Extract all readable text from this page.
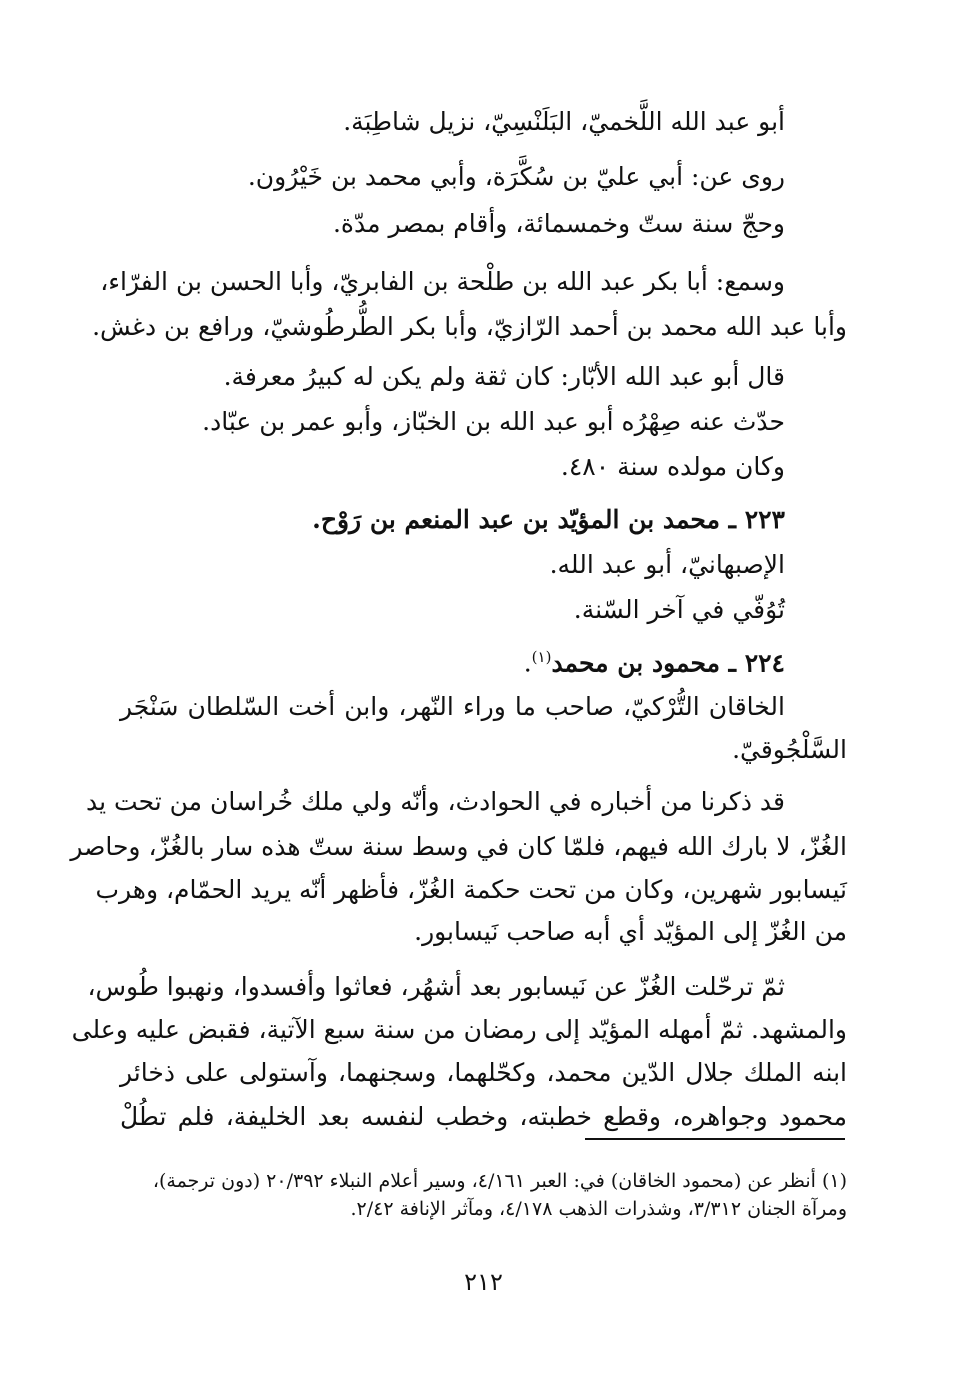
أبو عبد الله اللَّخميّ، البَلَنْسِيّ، نزيل شاطِبَة.
روى عن: أبي عليّ بن سُكَّرَة، وأبي محمد بن خَيْرُون.
وحجّ سنة ستّ وخمسمائة، وأقام بمصر مدّة.
وسمع: أبا بكر عبد الله بن طلْحة بن الفابريّ، وأبا الحسن بن الفرّاء،
وأبا عبد الله محمد بن أحمد الرّازيّ، وأبا بكر الطُّرطُوشيّ، ورافع بن دغش.
قال أبو عبد الله الأبّار: كان ثقة ولم يكن له كبيرُ معرفة.
حدّث عنه صِهْرُه أبو عبد الله بن الخبّاز، وأبو عمر بن عبّاد.
وكان مولده سنة ٤٨٠.
٢٢٣ ـ محمد بن المؤيّد بن عبد المنعم بن رَوْح.
الإصبهانيّ، أبو عبد الله.
تُوُفّي في آخر السّنة.
٢٢٤ ـ محمود بن محمد$^{(١)}$.
الخاقان التُّرْكيّ، صاحب ما وراء النّهر، وابن أخت السّلطان سَنْجَر
السَّلْجُوقيّ.
قد ذكرنا من أخباره في الحوادث، وأنّه ولي ملك خُراسان من تحت يد
الغُزّ، لا بارك الله فيهم، فلمّا كان في وسط سنة ستّ هذه سار بالغُزّ، وحاصر
نَيسابور شهرين، وكان من تحت حكمة الغُزّ، فأظهر أنّه يريد الحمّام، وهرب
من الغُزّ إلى المؤيّد أي أبه صاحب نَيسابور.
ثمّ ترحّلت الغُزّ عن نَيسابور بعد أشهُر، فعاثوا وأفسدوا، ونهبوا طُوس،
والمشهد. ثمّ أمهله المؤيّد إلى رمضان من سنة سبع الآتية، فقبض عليه وعلى
ابنه الملك جلال الدّين محمد، وكحّلهما، وسجنهما، وآستولى على ذخائر
محمود وجواهره، وقطع خطبته، وخطب لنفسه بعد الخليفة، فلم تطُلْ
(١) أنظر عن (محمود الخاقان) في: العبر ٤/١٦١، وسير أعلام النبلاء ٢٠/٣٩٢ (دون ترجمة)،
ومرآة الجنان ٣/٣١٢، وشذرات الذهب ٤/١٧٨، ومآثر الإنافة ٢/٤٢.
٢١٢
